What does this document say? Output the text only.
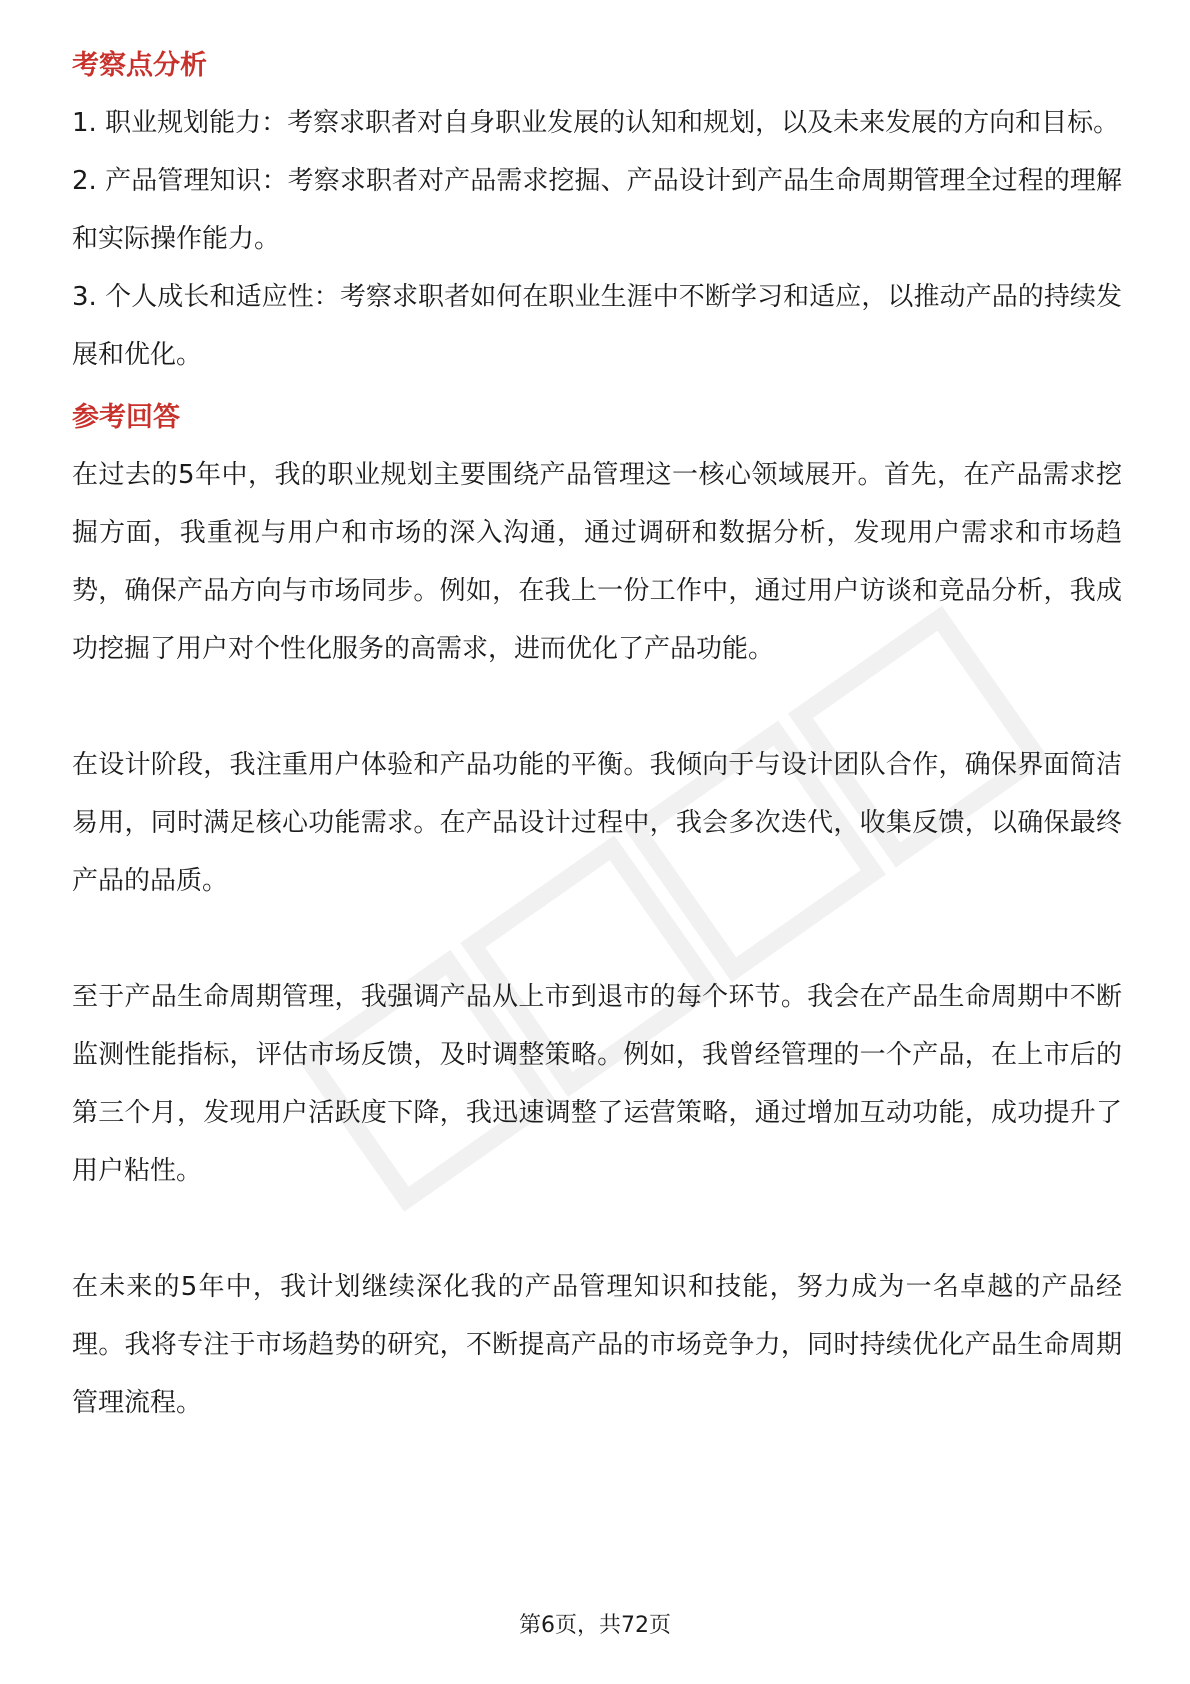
考察点分析

1. 职业规划能力：考察求职者对自身职业发展的认知和规划，以及未来发展的方向和目标。

2. 产品管理知识：考察求职者对产品需求挖掘、产品设计到产品生命周期管理全过程的理解和实际操作能力。

3. 个人成长和适应性：考察求职者如何在职业生涯中不断学习和适应，以推动产品的持续发展和优化。

参考回答

在过去的5年中，我的职业规划主要围绕产品管理这一核心领域展开。首先，在产品需求挖掘方面，我重视与用户和市场的深入沟通，通过调研和数据分析，发现用户需求和市场趋势，确保产品方向与市场同步。例如，在我上一份工作中，通过用户访谈和竞品分析，我成功挖掘了用户对个性化服务的高需求，进而优化了产品功能。

在设计阶段，我注重用户体验和产品功能的平衡。我倾向于与设计团队合作，确保界面简洁易用，同时满足核心功能需求。在产品设计过程中，我会多次迭代，收集反馈，以确保最终产品的品质。

至于产品生命周期管理，我强调产品从上市到退市的每个环节。我会在产品生命周期中不断监测性能指标，评估市场反馈，及时调整策略。例如，我曾经管理的一个产品，在上市后的第三个月，发现用户活跃度下降，我迅速调整了运营策略，通过增加互动功能，成功提升了用户粘性。

在未来的5年中，我计划继续深化我的产品管理知识和技能，努力成为一名卓越的产品经理。我将专注于市场趋势的研究，不断提高产品的市场竞争力，同时持续优化产品生命周期管理流程。

第6页，共72页
